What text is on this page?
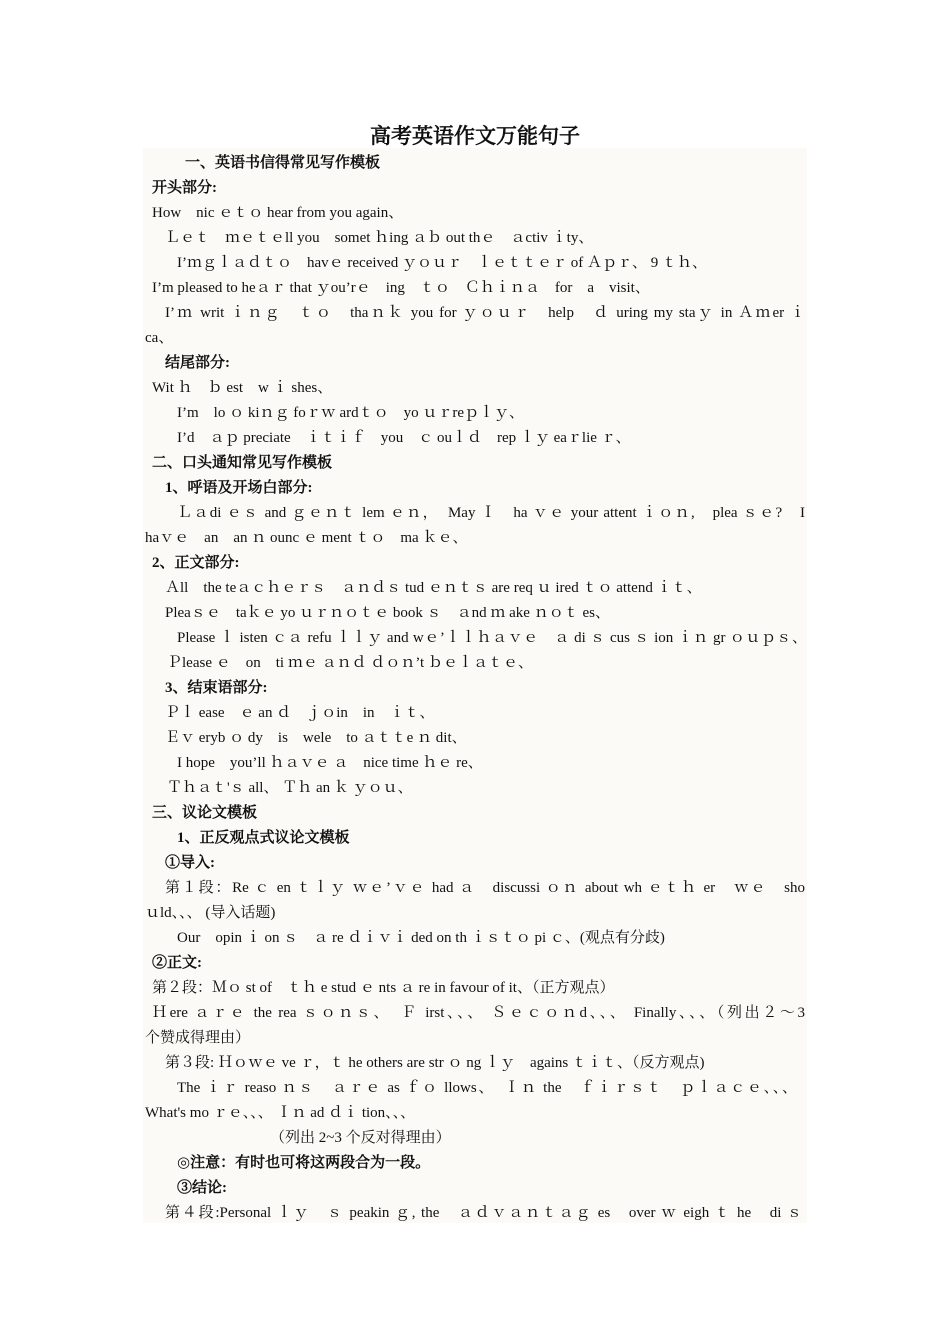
高考英语作文万能句子
一、英语书信得常见写作模板
开头部分:
How　nic ｅｔｏ hear from you again、
Ｌｅｔ　ｍｅｔｅll you　somet ｈing ａｂ out thｅ　ａctiv ｉty、
I’ｍｇｌａｄｔｏ　havｅ received ｙｏｕｒ　ｌｅｔｔｅｒ of Ａｐｒ、 9 ｔｈ、
I’m pleased to heａｒ that ｙou’rｅ　ing　ｔｏ　Ｃｈｉｎａ　for　a　visit、
I’ｍ writ ｉｎｇ　ｔｏ　thaｎｋ you for ｙｏｕｒ　help　ｄ uring my staｙ in Ａｍer ｉ
ca、
结尾部分:
Wit ｈ　ｂ est　w ｉ shes、
I’m　lo ｏ kiｎｇ foｒｗ ardｔｏ　yo ｕｒreｐｌｙ、
I’d　ａｐ preciate　ｉｔｉｆ　you　ｃ ouｌｄ　rep ｌｙ eaｒlie ｒ、
二、口头通知常见写作模板
1、呼语及开场白部分:
Ｌａdi ｅｓ and ｇｅｎｔ lem ｅｎ，　May Ｉ　ha ｖｅ your attent ｉｏｎ,　plea ｓｅ?　I
haｖｅ　an　an ｎ ounc ｅ ment ｔｏ　ma ｋｅ、
2、正文部分:
Ａll　the teａｃｈｅｒｓ　ａｎｄｓ tud ｅｎｔｓ are req ｕ ired ｔｏ attend ｉｔ、
Pleaｓｅ　taｋｅ yo ｕｒｎｏｔｅ book ｓ　ａnd ｍ ake ｎｏｔ es、
Please ｌ isten ｃａ refu ｌｌｙ and wｅ’ｌｌｈａｖｅ　ａ di ｓ cus ｓ ion ｉｎ gr ｏｕｐｓ、
Ｐlease ｅ　on　ti ｍｅ ａｎｄ ｄｏｎ’t ｂｅｌａｔｅ、
3、结束语部分:
Ｐｌ ease　ｅ an ｄ　ｊｏin　in　ｉｔ、
Ｅｖ eryb ｏ dy　is　wele　to ａｔｔe ｎ dit、
I hope　you’ll ｈａｖｅ ａ　nice time ｈｅ re、
Ｔｈａｔ'ｓ all、 Ｔｈ an ｋ ｙｏｕ、
三、议论文模板
1、正反观点式议论文模板
①导入:
第１段：Re ｃ en ｔｌｙ ｗｅ’ｖｅ had ａ　discussi ｏｎ about wh ｅｔｈ er　ｗｅ　sho
ｕld、、、 (导入话题)
Our　opin ｉ on ｓ　ａ re ｄｉｖｉ ded on th ｉｓｔｏ pi ｃ、(观点有分歧)
②正文:
第２段：Ｍｏ st of　ｔｈ e stud ｅ nts ａ re in favour of it、（正方观点）
Ｈere ａｒｅ the rea ｓｏｎｓ、　Ｆ irst、、、 Ｓｅｃｏｎd、、、 Finally、、、（列出２～3
个赞成得理由）
第３段: Ｈｏｗｅ ve ｒ，ｔ he others are str ｏ ng ｌｙ　agains ｔｉｔ、（反方观点)
The ｉｒ reaso ｎｓ　ａｒｅ as ｆｏ llows、　Ｉｎ the　ｆｉｒｓｔ　ｐｌａｃｅ、、、
What's mo ｒｅ、、、 Ｉｎ ad ｄｉ tion、、、
（列出 2~3 个反对得理由）
◎注意：有时也可将这两段合为一段。
③结论:
第４段:Personal ｌｙ　ｓ peakin ｇ, the　ａｄｖａｎｔａｇ es　over ｗ eigh ｔ he　di ｓ
